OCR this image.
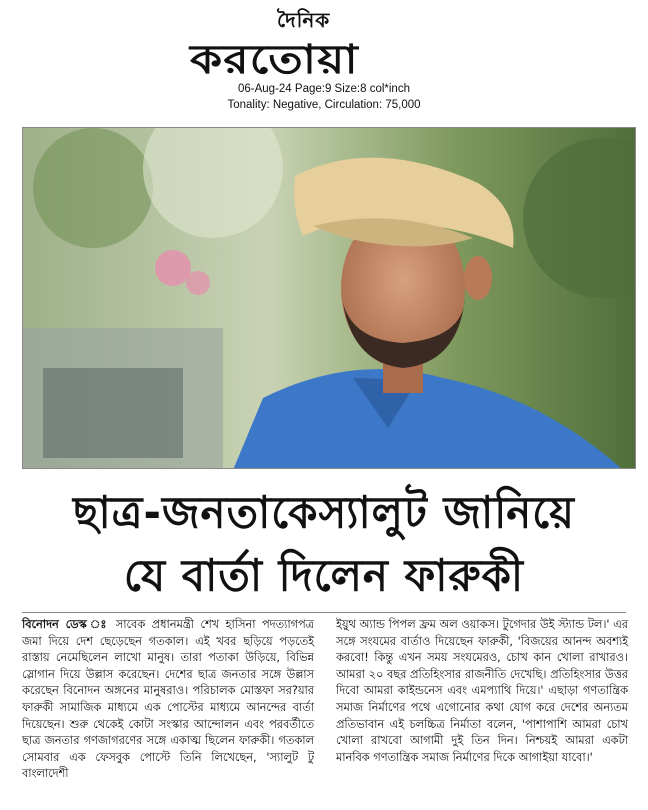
দৈনিক
করতোয়া
06-Aug-24 Page:9 Size:8 col*inch
Tonality: Negative, Circulation: 75,000
ছাত্র-জনতাকেস্যালুট জানিয়ে
যে বার্তা দিলেন ফারুকী
বিনোদন ডেস্ক ঃ সাবেক প্রধানমন্ত্রী শেখ হাসিনা পদত্যাগপত্র জমা দিয়ে দেশ ছেড়েছেন গতকাল। এই খবর ছড়িয়ে পড়তেই রাস্তায় নেমেছিলেন লাখো মানুষ। তারা পতাকা উড়িয়ে, বিভিন্ন স্লোগান দিয়ে উল্লাস করেছেন। দেশের ছাত্র জনতার সঙ্গে উল্লাস করেছেন বিনোদন অঙ্গনের মানুষরাও। পরিচালক মোস্তফা সর?য়ার ফারুকী সামাজিক মাধ্যমে এক পোস্টের মাধ্যমে আনন্দের বার্তা দিয়েছেন। শুরু থেকেই কোটা সংস্কার আন্দোলন এবং পরবর্তীতে ছাত্র জনতার গণজাগরণের সঙ্গে একাত্ম ছিলেন ফারুকী। গতকাল সোমবার এক ফেসবুক পোস্টে তিনি লিখেছেন, 'স্যালুট টু বাংলাদেশী
ইয়ুথ অ্যান্ড পিপল ফ্রম অল ওয়াকস। টুগেদার উই স্ট্যান্ড টল।' এর সঙ্গে সংযমের বার্তাও দিয়েছেন ফারুকী, 'বিজয়ের আনন্দ অবশ্যই করবো! কিন্তু এখন সময় সংযমেরও, চোখ কান খোলা রাখারও। আমরা ২০ বছর প্রতিহিংসার রাজনীতি দেখেছি। প্রতিহিংসার উত্তর দিবো আমরা কাইন্ডনেস এবং এমপ্যাথি দিয়ে।' এছাড়া গণতান্ত্রিক সমাজ নির্মাণের পথে এগোনোর কথা যোগ করে দেশের অন্যতম প্রতিভাবান এই চলচ্চিত্র নির্মাতা বলেন, 'পাশাপাশি আমরা চোখ খোলা রাখবো আগামী দুই তিন দিন। নিশ্চয়ই আমরা একটা মানবিক গণতান্ত্রিক সমাজ নির্মাণের দিকে আগাইয়া যাবো।'
